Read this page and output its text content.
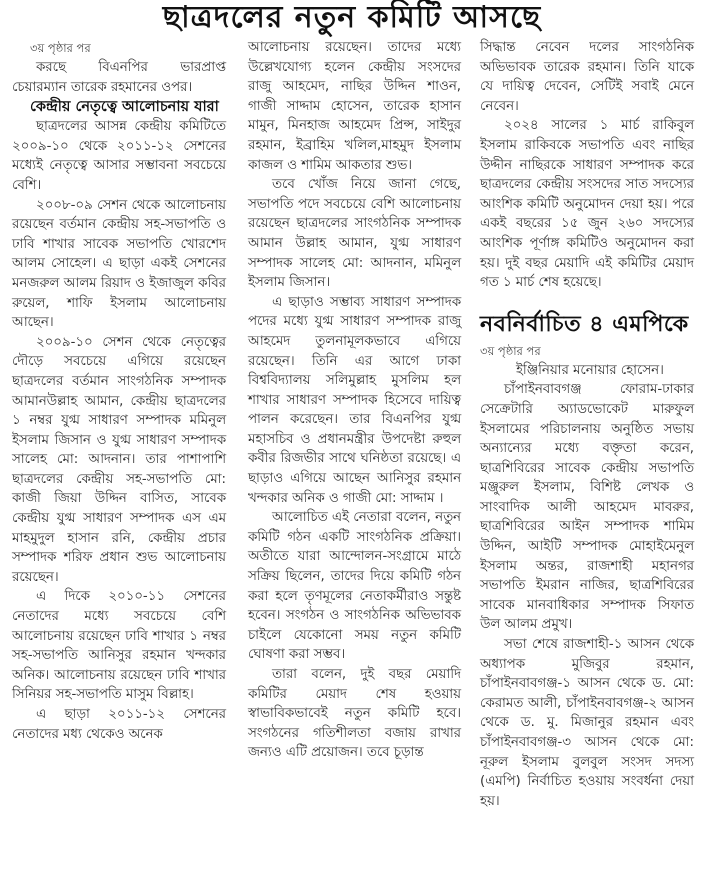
ছাত্রদলের নতুন কমিটি আসছে
৩য় পৃষ্ঠার পর

করছে বিএনপির ভারপ্রাপ্ত চেয়ারম্যান তারেক রহমানের ওপর।

কেন্দ্রীয় নেতৃত্বে আলোচনায় যারা

ছাত্রদলের আসন্ন কেন্দ্রীয় কমিটিতে ২০০৯-১০ থেকে ২০১১-১২ সেশনের মধ্যেই নেতৃত্বে আসার সম্ভাবনা সবচেয়ে বেশি।

২০০৮-০৯ সেশন থেকে আলোচনায় রয়েছেন বর্তমান কেন্দ্রীয় সহ-সভাপতি ও ঢাবি শাখার সাবেক সভাপতি খোরশেদ আলম সোহেল। এ ছাড়া একই সেশনের মনজরুল আলম রিয়াদ ও ইজাজুল কবির রুয়েল, শাফি ইসলাম আলোচনায় আছেন।

২০০৯-১০ সেশন থেকে নেতৃত্বের দৌড়ে সবচেয়ে এগিয়ে রয়েছেন ছাত্রদলের বর্তমান সাংগঠনিক সম্পাদক আমানউল্লাহ আমান, কেন্দ্রীয় ছাত্রদলের ১ নম্বর যুগ্ম সাধারণ সম্পাদক মমিনুল ইসলাম জিসান ও যুগ্ম সাধারণ সম্পাদক সালেহ মো: আদনান। তার পাশাপাশি ছাত্রদলের কেন্দ্রীয় সহ-সভাপতি মো: কাজী জিয়া উদ্দিন বাসিত, সাবেক কেন্দ্রীয় যুগ্ম সাধারণ সম্পাদক এস এম মাহমুদুল হাসান রনি, কেন্দ্রীয় প্রচার সম্পাদক শরিফ প্রধান শুভ আলোচনায় রয়েছেন।

এ দিকে ২০১০-১১ সেশনের নেতাদের মধ্যে সবচেয়ে বেশি আলোচনায় রয়েছেন ঢাবি শাখার ১ নম্বর সহ-সভাপতি আনিসুর রহমান খন্দকার অনিক। আলোচনায় রয়েছেন ঢাবি শাখার সিনিয়র সহ-সভাপতি মাসুম বিল্লাহ।

এ ছাড়া ২০১১-১২ সেশনের নেতাদের মধ্য থেকেও অনেক

আলোচনায় রয়েছেন। তাদের মধ্যে উল্লেখযোগ্য হলেন কেন্দ্রীয় সংসদের রাজু আহমেদ, নাছির উদ্দিন শাওন, গাজী সাদ্দাম হোসেন, তারেক হাসান মামুন, মিনহাজ আহমেদ প্রিন্স, সাইদুর রহমান, ইব্রাহিম খলিল,মাহমুদ ইসলাম কাজল ও শামিম আকতার শুভ।

তবে খোঁজ নিয়ে জানা গেছে, সভাপতি পদে সবচেয়ে বেশি আলোচনায় রয়েছেন ছাত্রদলের সাংগঠনিক সম্পাদক আমান উল্লাহ আমান, যুগ্ম সাধারণ সম্পাদক সালেহ মো: আদনান, মমিনুল ইসলাম জিসান।

এ ছাড়াও সম্ভাব্য সাধারণ সম্পাদক পদের মধ্যে যুগ্ম সাধারণ সম্পাদক রাজু আহমেদ তুলনামূলকভাবে এগিয়ে রয়েছেন। তিনি এর আগে ঢাকা বিশ্ববিদ্যালয় সলিমুল্লাহ মুসলিম হল শাখার সাধারণ সম্পাদক হিসেবে দায়িত্ব পালন করেছেন। তার বিএনপির যুগ্ম মহাসচিব ও প্রধানমন্ত্রীর উপদেষ্টা রুহুল কবীর রিজভীর সাথে ঘনিষ্ঠতা রয়েছে। এ ছাড়াও এগিয়ে আছেন আনিসুর রহমান খন্দকার অনিক ও গাজী মো: সাদ্দাম ।

আলোচিত এই নেতারা বলেন, নতুন কমিটি গঠন একটি সাংগঠনিক প্রক্রিয়া। অতীতে যারা আন্দোলন-সংগ্রামে মাঠে সক্রিয় ছিলেন, তাদের দিয়ে কমিটি গঠন করা হলে তৃণমূলের নেতাকর্মীরাও সন্তুষ্ট হবেন। সংগঠন ও সাংগঠনিক অভিভাবক চাইলে যেকোনো সময় নতুন কমিটি ঘোষণা করা সম্ভব।

তারা বলেন, দুই বছর মেয়াদি কমিটির মেয়াদ শেষ হওয়ায় স্বাভাবিকভাবেই নতুন কমিটি হবে। সংগঠনের গতিশীলতা বজায় রাখার জন্যও এটি প্রয়োজন। তবে চূড়ান্ত

সিদ্ধান্ত নেবেন দলের সাংগঠনিক অভিভাবক তারেক রহমান। তিনি যাকে যে দায়িত্ব দেবেন, সেটিই সবাই মেনে নেবেন।

২০২৪ সালের ১ মার্চ রাকিবুল ইসলাম রাকিবকে সভাপতি এবং নাছির উদ্দীন নাছিরকে সাধারণ সম্পাদক করে ছাত্রদলের কেন্দ্রীয় সংসদের সাত সদস্যের আংশিক কমিটি অনুমোদন দেয়া হয়। পরে একই বছরের ১৫ জুন ২৬০ সদস্যের আংশিক পূর্ণাঙ্গ কমিটিও অনুমোদন করা হয়। দুই বছর মেয়াদি এই কমিটির মেয়াদ গত ১ মার্চ শেষ হয়েছে।

নবনির্বাচিত ৪ এমপিকে
৩য় পৃষ্ঠার পর

ইঞ্জিনিয়ার মনোয়ার হোসেন।

চাঁপাইনবাবগঞ্জ ফোরাম-ঢাকার সেক্রেটারি অ্যাডভোকেট মারুফুল ইসলামের পরিচালনায় অনুষ্ঠিত সভায় অন্যান্যের মধ্যে বক্তৃতা করেন, ছাত্রশিবিরের সাবেক কেন্দ্রীয় সভাপতি মঞ্জুরুল ইসলাম, বিশিষ্ট লেখক ও সাংবাদিক আলী আহমেদ মাবরুর, ছাত্রশিবিরের আইন সম্পাদক শামিম উদ্দিন, আইটি সম্পাদক মোহাইমেনুল ইসলাম অন্তর, রাজশাহী মহানগর সভাপতি ইমরান নাজির, ছাত্রশিবিরের সাবেক মানবাধিকার সম্পাদক সিফাত উল আলম প্রমুখ।

সভা শেষে রাজশাহী-১ আসন থেকে অধ্যাপক মুজিবুর রহমান, চাঁপাইনবাবগঞ্জ-১ আসন থেকে ড. মো: কেরামত আলী, চাঁপাইনবাবগঞ্জ-২ আসন থেকে ড. মু. মিজানুর রহমান এবং চাঁপাইনবাবগঞ্জ-৩ আসন থেকে মো: নূরুল ইসলাম বুলবুল সংসদ সদস্য (এমপি) নির্বাচিত হওয়ায় সংবর্ধনা দেয়া হয়।
